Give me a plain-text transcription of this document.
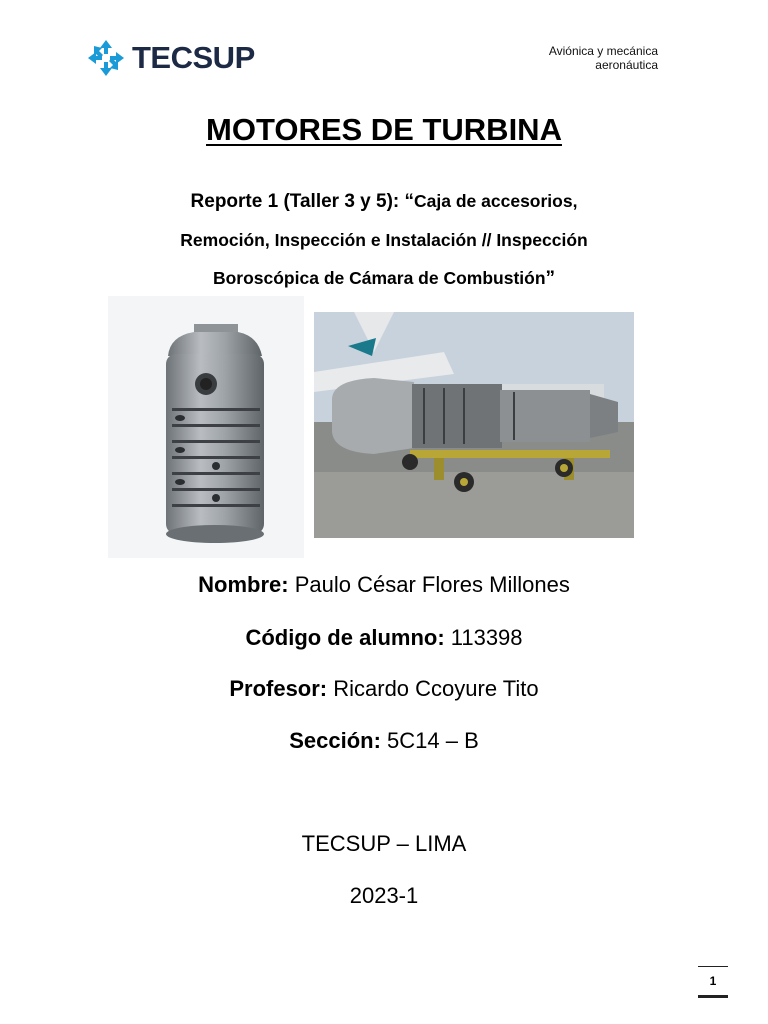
TECSUP	Aviónica y mecánica
aeronáutica
MOTORES DE TURBINA
Reporte 1 (Taller 3 y 5): “Caja de accesorios,
Remoción, Inspección e Instalación // Inspección
Boroscópica de Cámara de Combustión”
Nombre: Paulo César Flores Millones
Código de alumno: 113398
Profesor: Ricardo Ccoyure Tito
Sección: 5C14 – B
TECSUP – LIMA
2023-1
1
